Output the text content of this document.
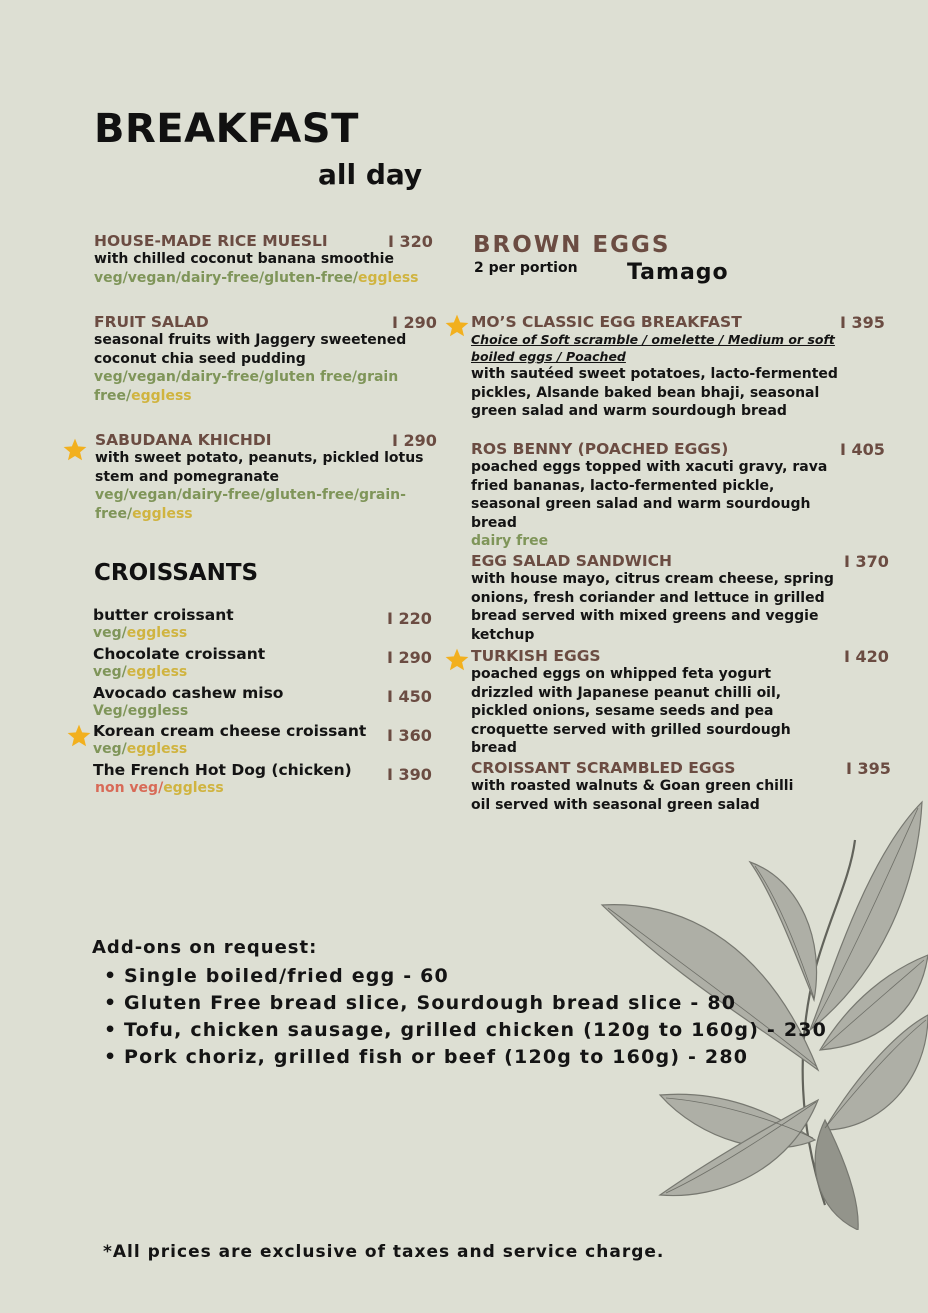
BREAKFAST
all day
HOUSE-MADE RICE MUESLI
with chilled coconut banana smoothie
veg/vegan/dairy-free/gluten-free/eggless
I 320
FRUIT SALAD
seasonal fruits with Jaggery sweetened coconut chia seed pudding
veg/vegan/dairy-free/gluten free/grain free/eggless
I 290
SABUDANA KHICHDI
with sweet potato, peanuts, pickled lotus stem and pomegranate
veg/vegan/dairy-free/gluten-free/grain-free/eggless
I 290
CROISSANTS
butter croissant
veg/eggless
I 220
Chocolate croissant
veg/eggless
I 290
Avocado cashew miso
Veg/eggless
I 450
Korean cream cheese croissant
veg/eggless
I 360
The French Hot Dog (chicken)
non veg/eggless
I 390
BROWN EGGS
2 per portion Tamago
MO’S CLASSIC EGG BREAKFAST
Choice of Soft scramble / omelette / Medium or soft boiled eggs / Poached
with sautéed sweet potatoes, lacto-fermented pickles, Alsande baked bean bhaji, seasonal green salad and warm sourdough bread
I 395
ROS BENNY (POACHED EGGS)
poached eggs topped with xacuti gravy, rava fried bananas, lacto-fermented pickle, seasonal green salad and warm sourdough bread
dairy free
I 405
EGG SALAD SANDWICH
with house mayo, citrus cream cheese, spring onions, fresh coriander and lettuce in grilled bread served with mixed greens and veggie ketchup
I 370
TURKISH EGGS
poached eggs on whipped feta yogurt drizzled with Japanese peanut chilli oil, pickled onions, sesame seeds and pea croquette served with grilled sourdough bread
I 420
CROISSANT SCRAMBLED EGGS
with roasted walnuts & Goan green chilli oil served with seasonal green salad
I 395
Add-ons on request:
• Single boiled/fried egg - 60
• Gluten Free bread slice, Sourdough bread slice - 80
• Tofu, chicken sausage, grilled chicken (120g to 160g) - 230
• Pork choriz, grilled fish or beef (120g to 160g) - 280
*All prices are exclusive of taxes and service charge.
